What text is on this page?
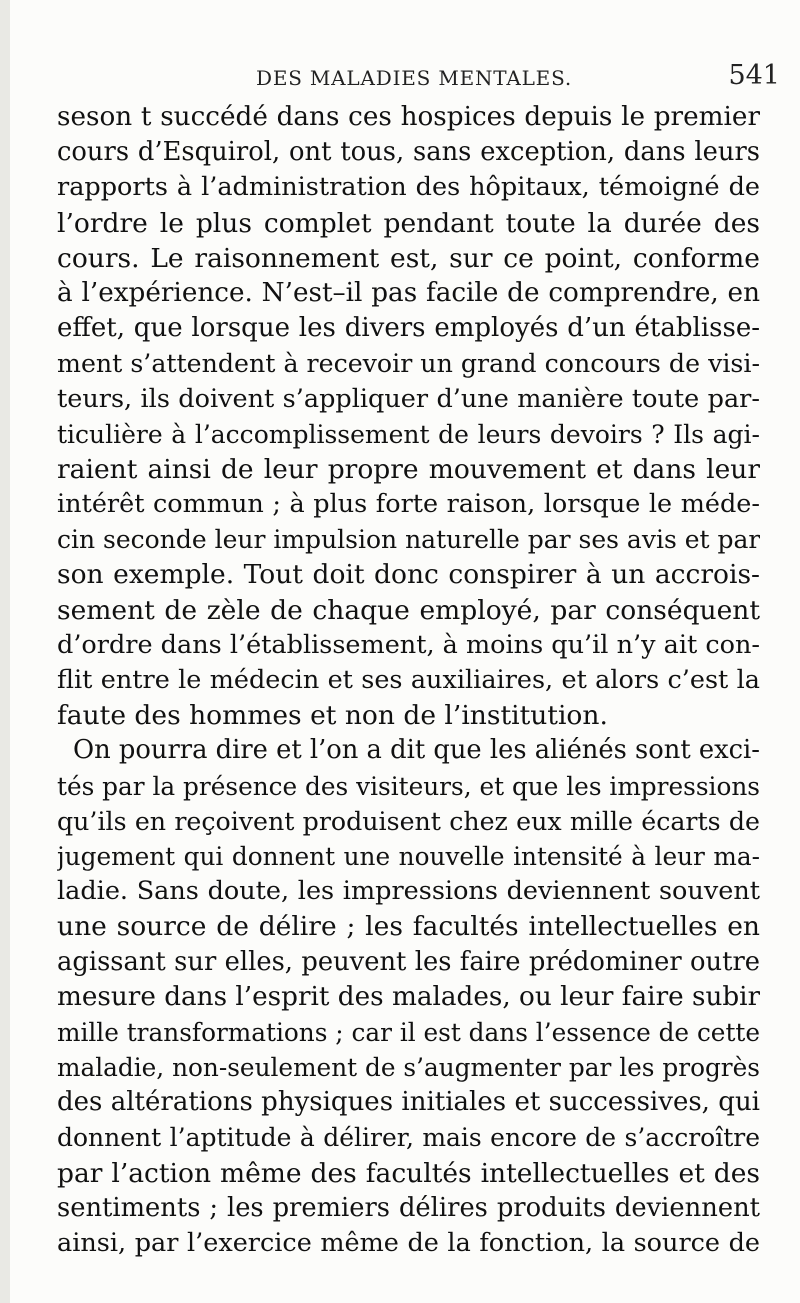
DES MALADIES MENTALES.	541
seson t succédé dans ces hospices depuis le premier
cours d’Esquirol, ont tous, sans exception, dans leurs
rapports à l’administration des hôpitaux, témoigné de
l’ordre le plus complet pendant toute la durée des
cours. Le raisonnement est, sur ce point, conforme
à l’expérience. N’est–il pas facile de comprendre, en
effet, que lorsque les divers employés d’un établisse-
ment s’attendent à recevoir un grand concours de visi-
teurs, ils doivent s’appliquer d’une manière toute par-
ticulière à l’accomplissement de leurs devoirs ? Ils agi-
raient ainsi de leur propre mouvement et dans leur
intérêt commun ; à plus forte raison, lorsque le méde-
cin seconde leur impulsion naturelle par ses avis et par
son exemple. Tout doit donc conspirer à un accrois-
sement de zèle de chaque employé, par conséquent
d’ordre dans l’établissement, à moins qu’il n’y ait con-
flit entre le médecin et ses auxiliaires, et alors c’est la
faute des hommes et non de l’institution.
On pourra dire et l’on a dit que les aliénés sont exci-
tés par la présence des visiteurs, et que les impressions
qu’ils en reçoivent produisent chez eux mille écarts de
jugement qui donnent une nouvelle intensité à leur ma-
ladie. Sans doute, les impressions deviennent souvent
une source de délire ; les facultés intellectuelles en
agissant sur elles, peuvent les faire prédominer outre
mesure dans l’esprit des malades, ou leur faire subir
mille transformations ; car il est dans l’essence de cette
maladie, non-seulement de s’augmenter par les progrès
des altérations physiques initiales et successives, qui
donnent l’aptitude à délirer, mais encore de s’accroître
par l’action même des facultés intellectuelles et des
sentiments ; les premiers délires produits deviennent
ainsi, par l’exercice même de la fonction, la source de
